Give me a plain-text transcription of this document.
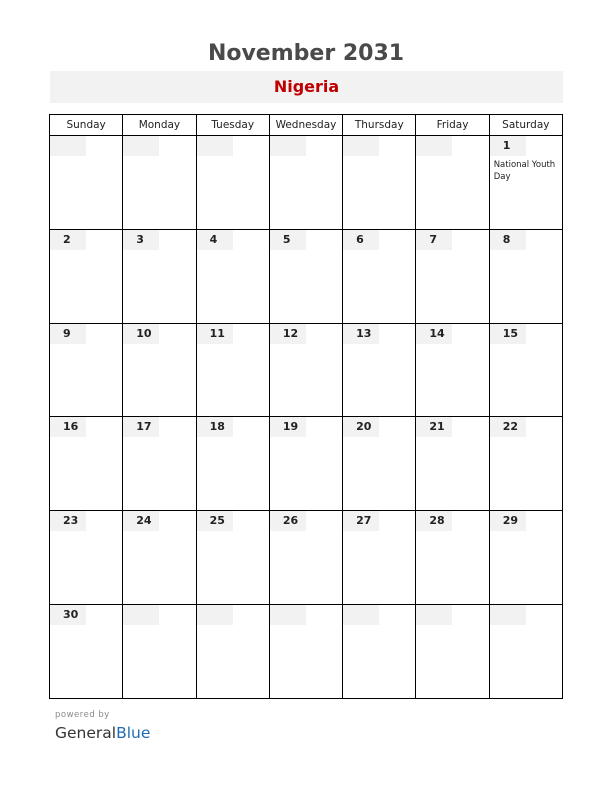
November 2031
Nigeria
Sunday	Monday	Tuesday	Wednesday	Thursday	Friday	Saturday

						1
National Youth Day

2	3	4	5	6	7	8

9	10	11	12	13	14	15

16	17	18	19	20	21	22

23	24	25	26	27	28	29

30						

powered by
GeneralBlue
